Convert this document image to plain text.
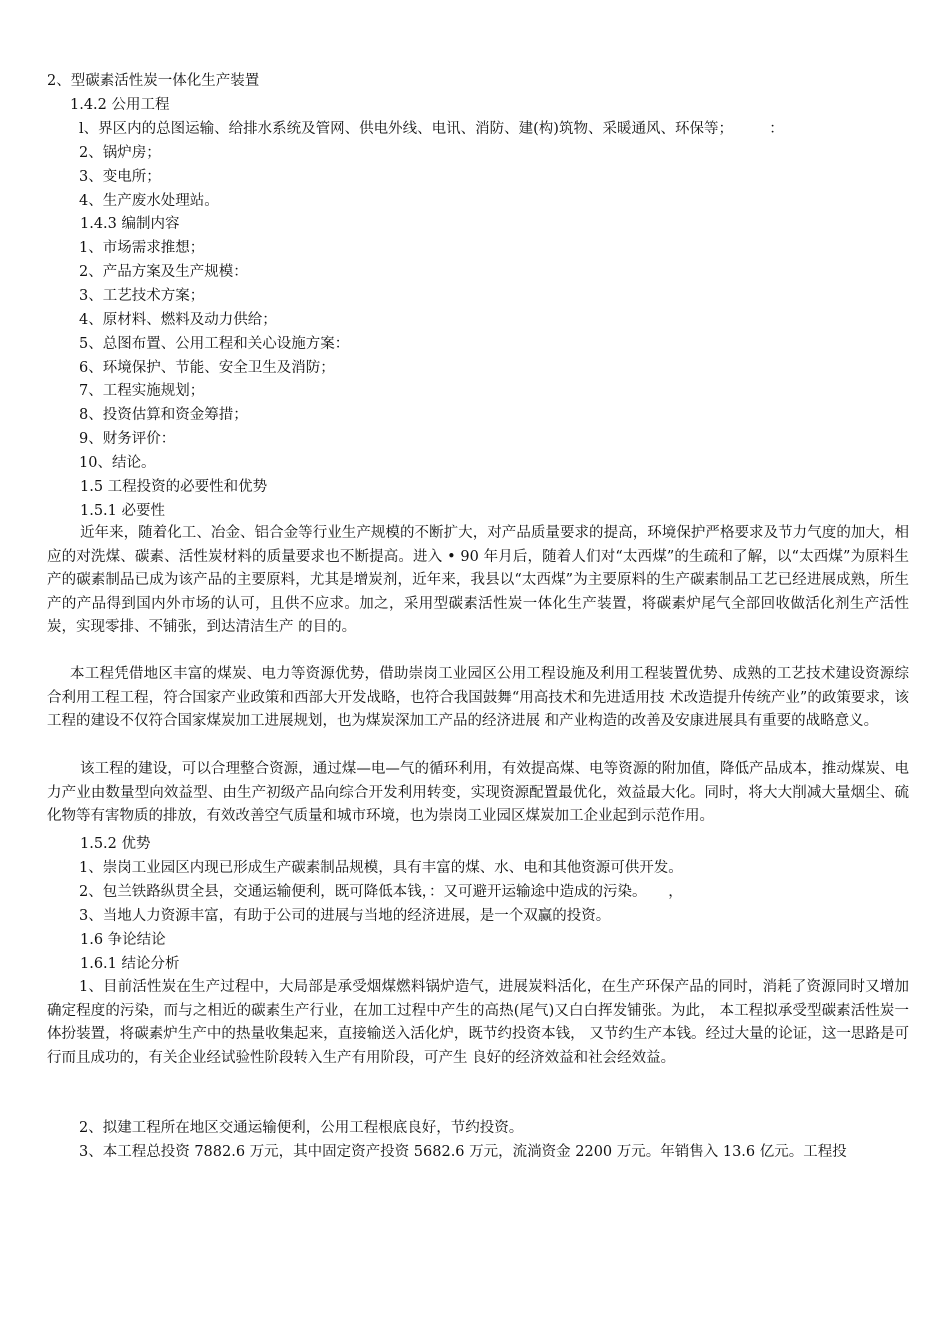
2、型碳素活性炭一体化生产装置
1.4.2 公用工程
l、界区内的总图运输、给排水系统及管网、供电外线、电讯、消防、建(构)筑物、采暖通风、环保等；　　　：
2、锅炉房；
3、变电所；
4、生产废水处理站。
1.4.3 编制内容
1、市场需求推想；
2、产品方案及生产规模：
3、工艺技术方案；
4、原材料、燃料及动力供给；
5、总图布置、公用工程和关心设施方案：
6、环境保护、节能、安全卫生及消防；
7、工程实施规划；
8、投资估算和资金筹措；
9、财务评价：
10、结论。
1.5 工程投资的必要性和优势
1.5.1 必要性
近年来，随着化工、冶金、铝合金等行业生产规模的不断扩大，对产品质量要求的提高，环境保护严格要求及节力气度的加大，相应的对洗煤、碳素、活性炭材料的质量要求也不断提高。进入 • 90 年月后，随着人们对“太西煤”的生疏和了解，以“太西煤”为原料生产的碳素制品已成为该产品的主要原料，尤其是增炭剂，近年来，我县以“太西煤”为主要原料的生产碳素制品工艺已经进展成熟，所生产的产品得到国内外市场的认可，且供不应求。加之，采用型碳素活性炭一体化生产装置，将碳素炉尾气全部回收做活化剂生产活性炭，实现零排、不铺张，到达清洁生产 的目的。
本工程凭借地区丰富的煤炭、电力等资源优势，借助崇岗工业园区公用工程设施及利用工程装置优势、成熟的工艺技术建设资源综合利用工程工程，符合国家产业政策和西部大开发战略，也符合我国鼓舞“用高技术和先进适用技 术改造提升传统产业”的政策要求，该工程的建设不仅符合国家煤炭加工进展规划，也为煤炭深加工产品的经济进展 和产业构造的改善及安康进展具有重要的战略意义。
该工程的建设，可以合理整合资源，通过煤—电—气的循环利用，有效提高煤、电等资源的附加值，降低产品成本，推动煤炭、电力产业由数量型向效益型、由生产初级产品向综合开发利用转变，实现资源配置最优化，效益最大化。同时，将大大削减大量烟尘、硫化物等有害物质的排放，有效改善空气质量和城市环境，也为崇岗工业园区煤炭加工企业起到示范作用。
1.5.2 优势
1、崇岗工业园区内现已形成生产碳素制品规模，具有丰富的煤、水、电和其他资源可供开发。
2、包兰铁路纵贯全县，交通运输便利，既可降低本钱，：又可避开运输途中造成的污染。　　，
3、当地人力资源丰富，有助于公司的进展与当地的经济进展，是一个双赢的投资。
1.6 争论结论
1.6.1 结论分析
1、目前活性炭在生产过程中，大局部是承受烟煤燃料锅炉造气，进展炭料活化，在生产环保产品的同时，消耗了资源同时又增加确定程度的污染，而与之相近的碳素生产行业，在加工过程中产生的高热(尾气)又白白挥发铺张。为此， 本工程拟承受型碳素活性炭一体扮装置，将碳素炉生产中的热量收集起来，直接输送入活化炉，既节约投资本钱， 又节约生产本钱。经过大量的论证，这一思路是可行而且成功的，有关企业经试验性阶段转入生产有用阶段，可产生 良好的经济效益和社会经效益。
2、拟建工程所在地区交通运输便利，公用工程根底良好，节约投资。
3、本工程总投资 7882.6 万元，其中固定资产投资 5682.6 万元，流淌资金 2200 万元。年销售入 13.6 亿元。工程投
